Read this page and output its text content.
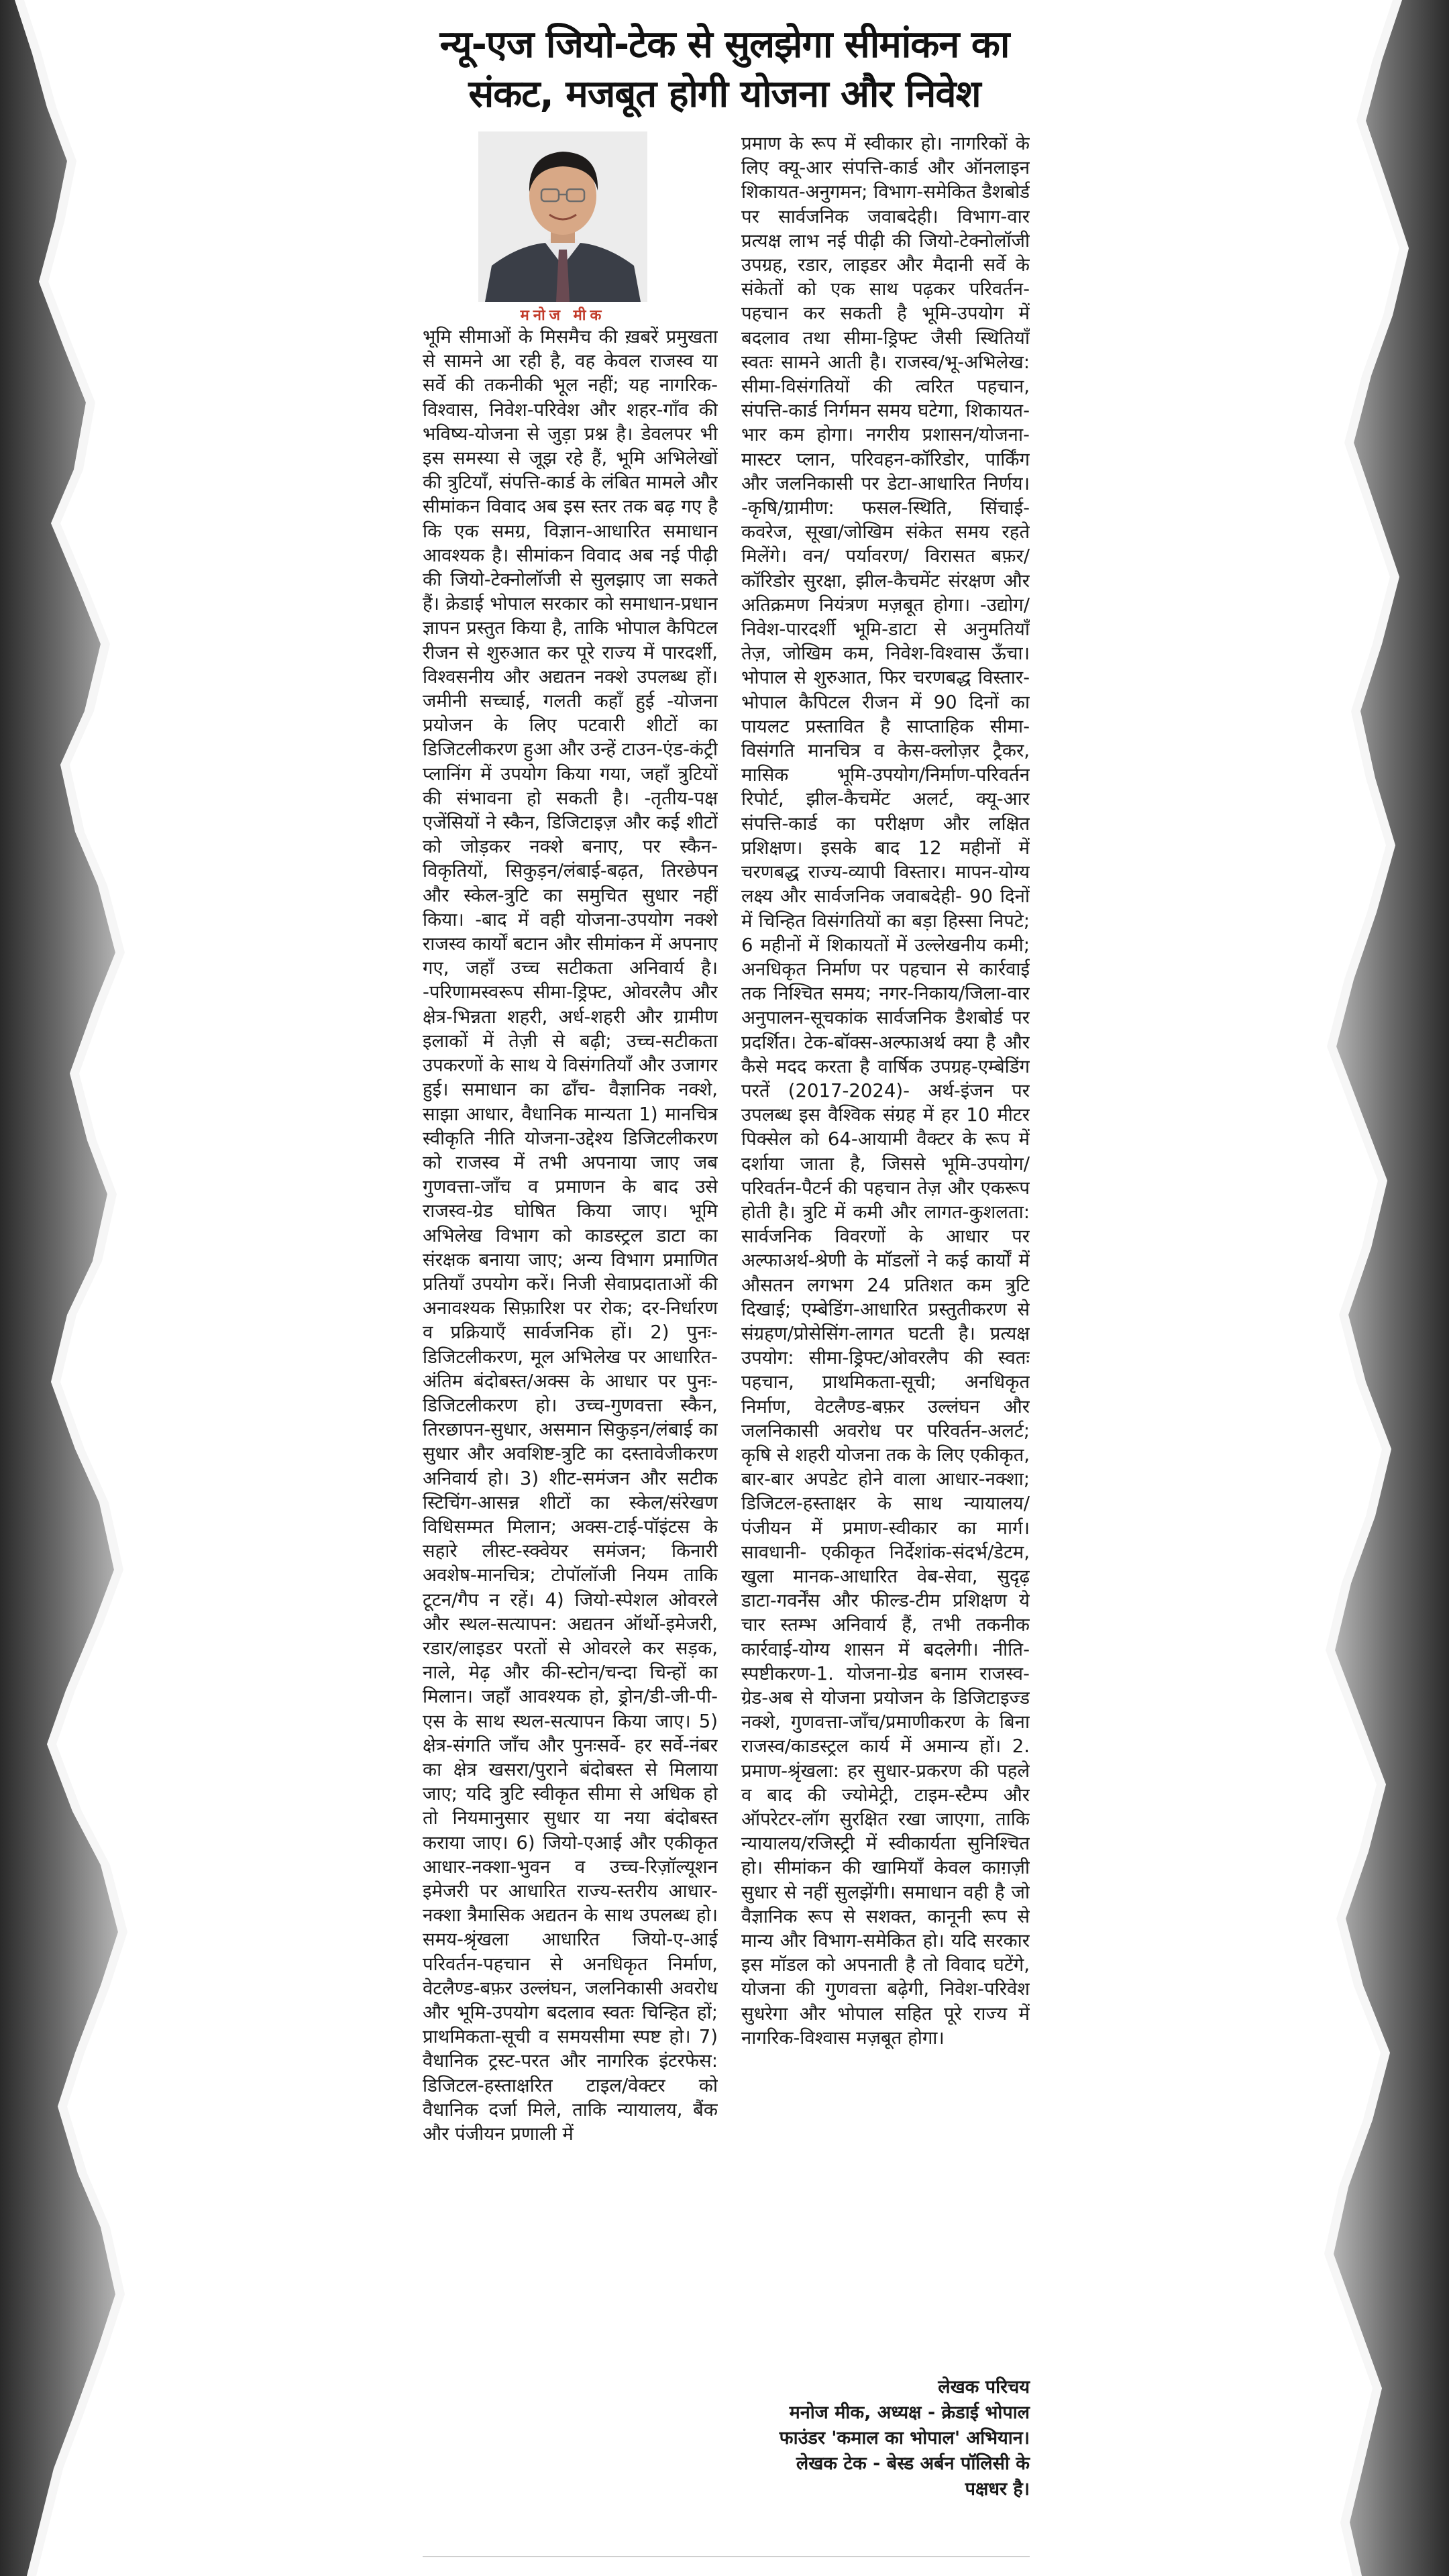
न्यू-एज जियो-टेक से सुलझेगा सीमांकन का
संकट, मजबूत होगी योजना और निवेश
मनोज मीक

भूमि सीमाओं के मिसमैच की ख़बरें प्रमुखता से सामने आ रही है, वह केवल राजस्व या सर्वे की तकनीकी भूल नहीं; यह नागरिक-विश्वास, निवेश-परिवेश और शहर-गाँव की भविष्य-योजना से जुड़ा प्रश्न है। डेवलपर भी इस समस्या से जूझ रहे हैं, भूमि अभिलेखों की त्रुटियाँ, संपत्ति-कार्ड के लंबित मामले और सीमांकन विवाद अब इस स्तर तक बढ़ गए है कि एक समग्र, विज्ञान-आधारित समाधान आवश्यक है। सीमांकन विवाद अब नई पीढ़ी की जियो-टेक्नोलॉजी से सुलझाए जा सकते हैं। क्रेडाई भोपाल सरकार को समाधान-प्रधान ज्ञापन प्रस्तुत किया है, ताकि भोपाल कैपिटल रीजन से शुरुआत कर पूरे राज्य में पारदर्शी, विश्वसनीय और अद्यतन नक्शे उपलब्ध हों। जमीनी सच्चाई, गलती कहाँ हुई -योजना प्रयोजन के लिए पटवारी शीटों का डिजिटलीकरण हुआ और उन्हें टाउन-एंड-कंट्री प्लानिंग में उपयोग किया गया, जहाँ त्रुटियों की संभावना हो सकती है। -तृतीय-पक्ष एजेंसियों ने स्कैन, डिजिटाइज़ और कई शीटों को जोड़कर नक्शे बनाए, पर स्कैन-विकृतियों, सिकुड़न/लंबाई-बढ़त, तिरछेपन और स्केल-त्रुटि का समुचित सुधार नहीं किया। -बाद में वही योजना-उपयोग नक्शे राजस्व कार्यों बटान और सीमांकन में अपनाए गए, जहाँ उच्च सटीकता अनिवार्य है। -परिणामस्वरूप सीमा-ड्रिफ्ट, ओवरलैप और क्षेत्र-भिन्नता शहरी, अर्ध-शहरी और ग्रामीण इलाकों में तेज़ी से बढ़ी; उच्च-सटीकता उपकरणों के साथ ये विसंगतियाँ और उजागर हुई। समाधान का ढाँच- वैज्ञानिक नक्शे, साझा आधार, वैधानिक मान्यता 1) मानचित्र स्वीकृति नीति योजना-उद्देश्य डिजिटलीकरण को राजस्व में तभी अपनाया जाए जब गुणवत्ता-जाँच व प्रमाणन के बाद उसे राजस्व-ग्रेड घोषित किया जाए। भूमि अभिलेख विभाग को काडस्ट्रल डाटा का संरक्षक बनाया जाए; अन्य विभाग प्रमाणित प्रतियाँ उपयोग करें। निजी सेवाप्रदाताओं की अनावश्यक सिफ़ारिश पर रोक; दर-निर्धारण व प्रक्रियाएँ सार्वजनिक हों। 2) पुनः-डिजिटलीकरण, मूल अभिलेख पर आधारित- अंतिम बंदोबस्त/अक्स के आधार पर पुनः-डिजिटलीकरण हो। उच्च-गुणवत्ता स्कैन, तिरछापन-सुधार, असमान सिकुड़न/लंबाई का सुधार और अवशिष्ट-त्रुटि का दस्तावेजीकरण अनिवार्य हो। 3) शीट-समंजन और सटीक स्टिचिंग-आसन्न शीटों का स्केल/संरेखण विधिसम्मत मिलान; अक्स-टाई-पॉइंटस के सहारे लीस्ट-स्क्वेयर समंजन; किनारी अवशेष-मानचित्र; टोपॉलॉजी नियम ताकि टूटन/गैप न रहें। 4) जियो-स्पेशल ओवरले और स्थल-सत्यापन: अद्यतन ऑर्थो-इमेजरी, रडार/लाइडर परतों से ओवरले कर सड़क, नाले, मेढ़ और की-स्टोन/चन्दा चिन्हों का मिलान। जहाँ आवश्यक हो, ड्रोन/डी-जी-पी-एस के साथ स्थल-सत्यापन किया जाए। 5) क्षेत्र-संगति जाँच और पुनःसर्वे- हर सर्वे-नंबर का क्षेत्र खसरा/पुराने बंदोबस्त से मिलाया जाए; यदि त्रुटि स्वीकृत सीमा से अधिक हो तो नियमानुसार सुधार या नया बंदोबस्त कराया जाए। 6) जियो-एआई और एकीकृत आधार-नक्शा-भुवन व उच्च-रिज़ॉल्यूशन इमेजरी पर आधारित राज्य-स्तरीय आधार-नक्शा त्रैमासिक अद्यतन के साथ उपलब्ध हो। समय-श्रृंखला आधारित जियो-ए-आई परिवर्तन-पहचान से अनधिकृत निर्माण, वेटलैण्ड-बफ़र उल्लंघन, जलनिकासी अवरोध और भूमि-उपयोग बदलाव स्वतः चिन्हित हों; प्राथमिकता-सूची व समयसीमा स्पष्ट हो। 7) वैधानिक ट्रस्ट-परत और नागरिक इंटरफेस: डिजिटल-हस्ताक्षरित टाइल/वेक्टर को वैधानिक दर्जा मिले, ताकि न्यायालय, बैंक और पंजीयन प्रणाली में

प्रमाण के रूप में स्वीकार हो। नागरिकों के लिए क्यू-आर संपत्ति-कार्ड और ऑनलाइन शिकायत-अनुगमन; विभाग-समेकित डैशबोर्ड पर सार्वजनिक जवाबदेही। विभाग-वार प्रत्यक्ष लाभ नई पीढ़ी की जियो-टेक्नोलॉजी उपग्रह, रडार, लाइडर और मैदानी सर्वे के संकेतों को एक साथ पढ़कर परिवर्तन-पहचान कर सकती है भूमि-उपयोग में बदलाव तथा सीमा-ड्रिफ्ट जैसी स्थितियाँ स्वतः सामने आती है। राजस्व/भू-अभिलेख: सीमा-विसंगतियों की त्वरित पहचान, संपत्ति-कार्ड निर्गमन समय घटेगा, शिकायत-भार कम होगा। नगरीय प्रशासन/योजना-मास्टर प्लान, परिवहन-कॉरिडोर, पार्किंग और जलनिकासी पर डेटा-आधारित निर्णय। -कृषि/ग्रामीण: फसल-स्थिति, सिंचाई-कवरेज, सूखा/जोखिम संकेत समय रहते मिलेंगे। वन/ पर्यावरण/ विरासत बफ़र/कॉरिडोर सुरक्षा, झील-कैचमेंट संरक्षण और अतिक्रमण नियंत्रण मज़बूत होगा। -उद्योग/निवेश-पारदर्शी भूमि-डाटा से अनुमतियाँ तेज़, जोखिम कम, निवेश-विश्वास ऊँचा। भोपाल से शुरुआत, फिर चरणबद्ध विस्तार- भोपाल कैपिटल रीजन में 90 दिनों का पायलट प्रस्तावित है साप्ताहिक सीमा-विसंगति मानचित्र व केस-क्लोज़र ट्रैकर, मासिक भूमि-उपयोग/निर्माण-परिवर्तन रिपोर्ट, झील-कैचमेंट अलर्ट, क्यू-आर संपत्ति-कार्ड का परीक्षण और लक्षित प्रशिक्षण। इसके बाद 12 महीनों में चरणबद्ध राज्य-व्यापी विस्तार। मापन-योग्य लक्ष्य और सार्वजनिक जवाबदेही- 90 दिनों में चिन्हित विसंगतियों का बड़ा हिस्सा निपटे; 6 महीनों में शिकायतों में उल्लेखनीय कमी; अनधिकृत निर्माण पर पहचान से कार्रवाई तक निश्चित समय; नगर-निकाय/जिला-वार अनुपालन-सूचकांक सार्वजनिक डैशबोर्ड पर प्रदर्शित। टेक-बॉक्स-अल्फाअर्थ क्या है और कैसे मदद करता है वार्षिक उपग्रह-एम्बेडिंग परतें (2017-2024)- अर्थ-इंजन पर उपलब्ध इस वैश्विक संग्रह में हर 10 मीटर पिक्सेल को 64-आयामी वैक्टर के रूप में दर्शाया जाता है, जिससे भूमि-उपयोग/परिवर्तन-पैटर्न की पहचान तेज़ और एकरूप होती है। त्रुटि में कमी और लागत-कुशलता: सार्वजनिक विवरणों के आधार पर अल्फाअर्थ-श्रेणी के मॉडलों ने कई कार्यों में औसतन लगभग 24 प्रतिशत कम त्रुटि दिखाई; एम्बेडिंग-आधारित प्रस्तुतीकरण से संग्रहण/प्रोसेसिंग-लागत घटती है। प्रत्यक्ष उपयोग: सीमा-ड्रिफ्ट/ओवरलैप की स्वतः पहचान, प्राथमिकता-सूची; अनधिकृत निर्माण, वेटलैण्ड-बफ़र उल्लंघन और जलनिकासी अवरोध पर परिवर्तन-अलर्ट; कृषि से शहरी योजना तक के लिए एकीकृत, बार-बार अपडेट होने वाला आधार-नक्शा; डिजिटल-हस्ताक्षर के साथ न्यायालय/पंजीयन में प्रमाण-स्वीकार का मार्ग। सावधानी- एकीकृत निर्देशांक-संदर्भ/डेटम, खुला मानक-आधारित वेब-सेवा, सुदृढ़ डाटा-गवर्नेंस और फील्ड-टीम प्रशिक्षण ये चार स्तम्भ अनिवार्य हैं, तभी तकनीक कार्रवाई-योग्य शासन में बदलेगी। नीति-स्पष्टीकरण-1. योजना-ग्रेड बनाम राजस्व-ग्रेड-अब से योजना प्रयोजन के डिजिटाइज्ड नक्शे, गुणवत्ता-जाँच/प्रमाणीकरण के बिना राजस्व/काडस्ट्रल कार्य में अमान्य हों। 2. प्रमाण-श्रृंखला: हर सुधार-प्रकरण की पहले व बाद की ज्योमेट्री, टाइम-स्टैम्प और ऑपरेटर-लॉग सुरक्षित रखा जाएगा, ताकि न्यायालय/रजिस्ट्री में स्वीकार्यता सुनिश्चित हो। सीमांकन की खामियाँ केवल काग़ज़ी सुधार से नहीं सुलझेंगी। समाधान वही है जो वैज्ञानिक रूप से सशक्त, कानूनी रूप से मान्य और विभाग-समेकित हो। यदि सरकार इस मॉडल को अपनाती है तो विवाद घटेंगे, योजना की गुणवत्ता बढ़ेगी, निवेश-परिवेश सुधरेगा और भोपाल सहित पूरे राज्य में नागरिक-विश्वास मज़बूत होगा।

लेखक परिचय
मनोज मीक, अध्यक्ष - क्रेडाई भोपाल
फाउंडर 'कमाल का भोपाल' अभियान।
लेखक टेक - बेस्ड अर्बन पॉलिसी के
पक्षधर है।
